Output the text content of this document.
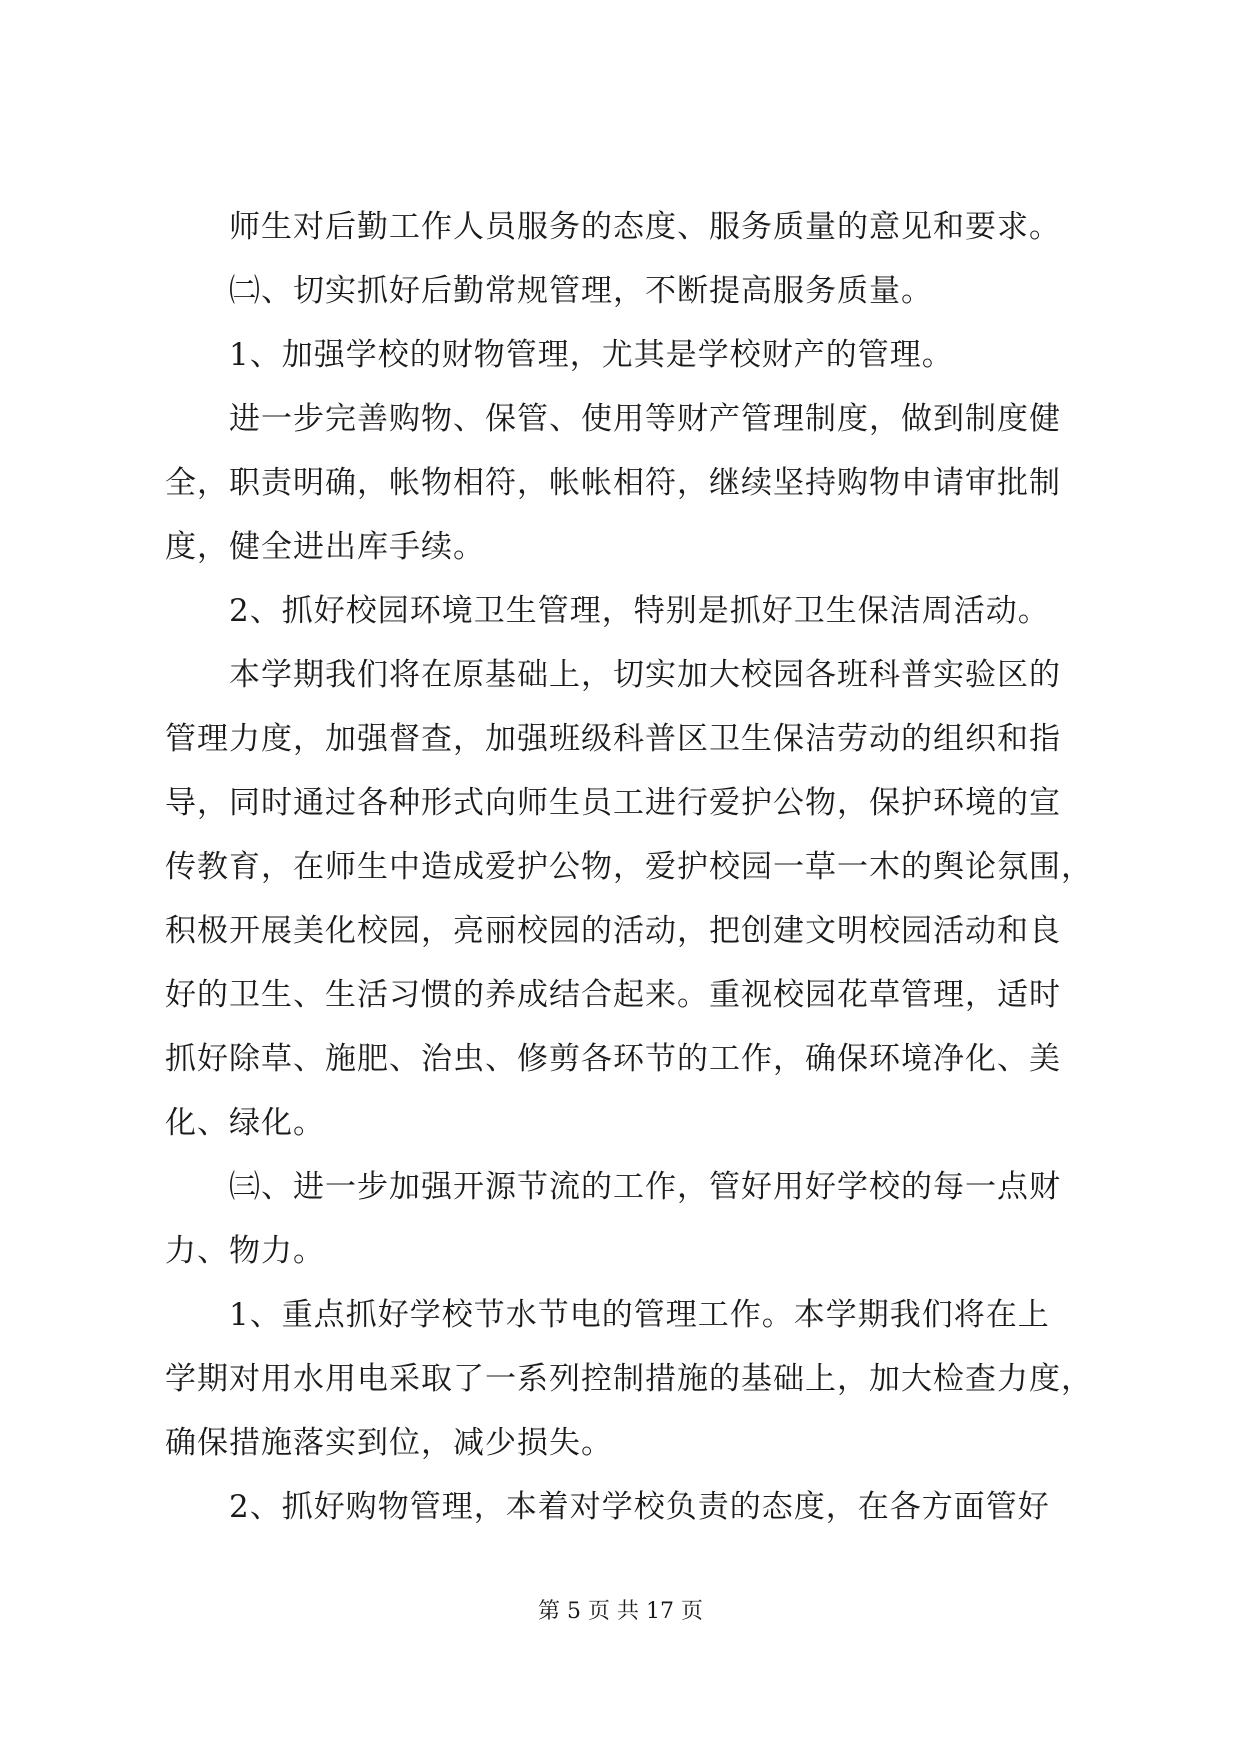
师生对后勤工作人员服务的态度、服务质量的意见和要求。
㈡、切实抓好后勤常规管理，不断提高服务质量。
1、加强学校的财物管理，尤其是学校财产的管理。
进一步完善购物、保管、使用等财产管理制度，做到制度健
全，职责明确，帐物相符，帐帐相符，继续坚持购物申请审批制
度，健全进出库手续。
2、抓好校园环境卫生管理，特别是抓好卫生保洁周活动。
本学期我们将在原基础上，切实加大校园各班科普实验区的
管理力度，加强督查，加强班级科普区卫生保洁劳动的组织和指
导，同时通过各种形式向师生员工进行爱护公物，保护环境的宣
传教育，在师生中造成爱护公物，爱护校园一草一木的舆论氛围，
积极开展美化校园，亮丽校园的活动，把创建文明校园活动和良
好的卫生、生活习惯的养成结合起来。重视校园花草管理，适时
抓好除草、施肥、治虫、修剪各环节的工作，确保环境净化、美
化、绿化。
㈢、进一步加强开源节流的工作，管好用好学校的每一点财
力、物力。
1、重点抓好学校节水节电的管理工作。本学期我们将在上
学期对用水用电采取了一系列控制措施的基础上，加大检查力度，
确保措施落实到位，减少损失。
2、抓好购物管理，本着对学校负责的态度，在各方面管好
第 5 页 共 17 页
